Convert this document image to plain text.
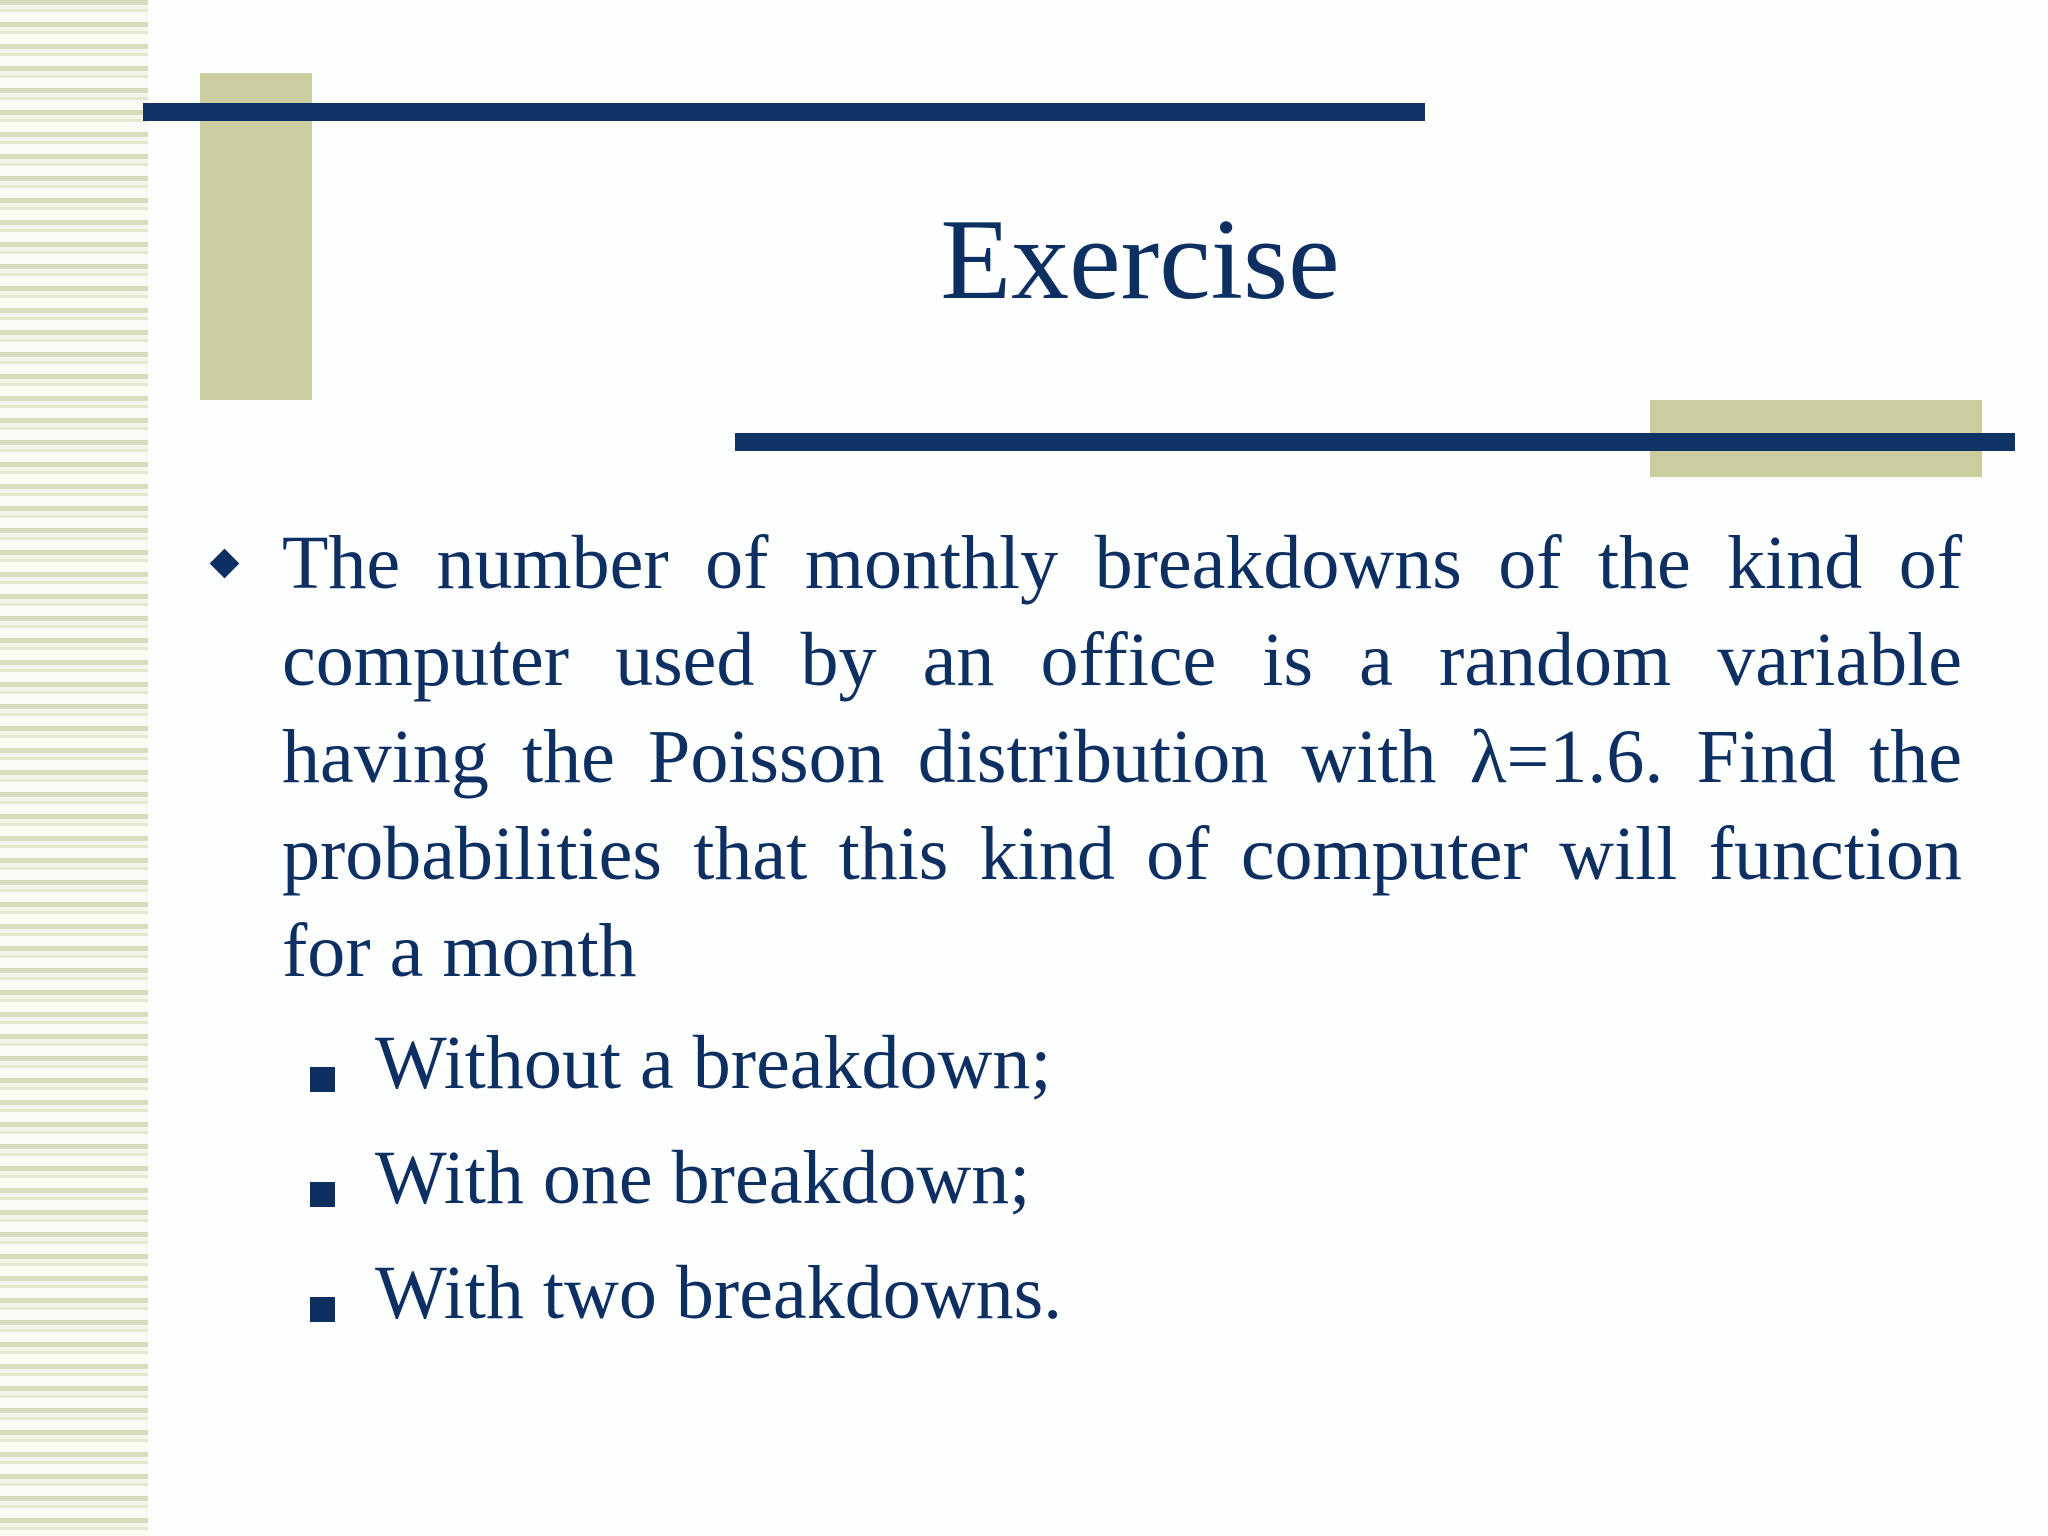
Exercise
The number of monthly breakdowns of the kind of computer used by an office is a random variable having the Poisson distribution with λ=1.6. Find the probabilities that this kind of computer will function for a month
Without a breakdown;
With one breakdown;
With two breakdowns.
